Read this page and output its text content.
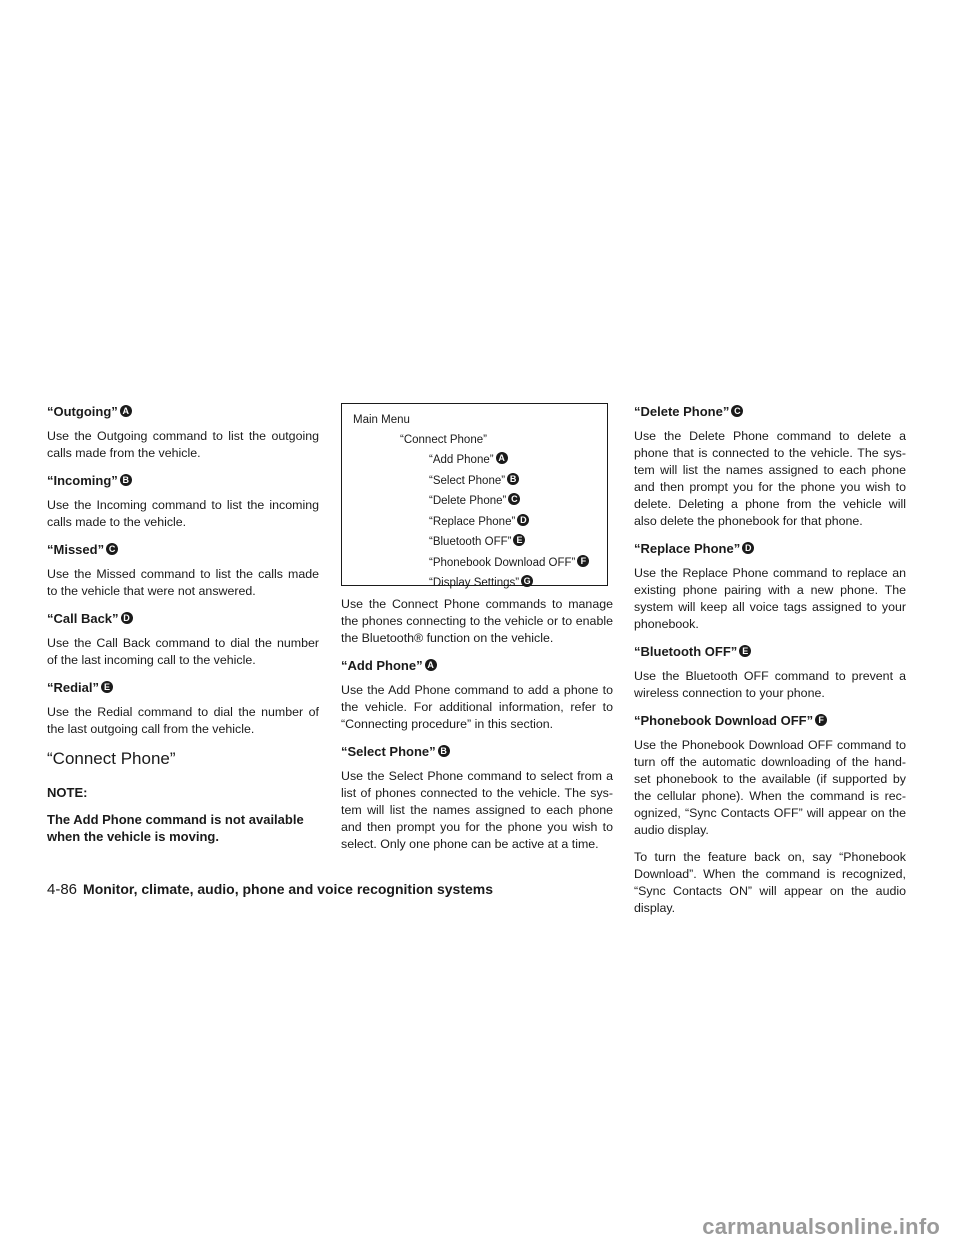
“Outgoing” A
Use the Outgoing command to list the outgoing calls made from the vehicle.
“Incoming” B
Use the Incoming command to list the incoming calls made to the vehicle.
“Missed” C
Use the Missed command to list the calls made to the vehicle that were not answered.
“Call Back” D
Use the Call Back command to dial the number of the last incoming call to the vehicle.
“Redial” E
Use the Redial command to dial the number of the last outgoing call from the vehicle.
“Connect Phone”
NOTE:
The Add Phone command is not available when the vehicle is moving.
Main Menu
“Connect Phone”
“Add Phone” A
“Select Phone” B
“Delete Phone” C
“Replace Phone” D
“Bluetooth OFF” E
“Phonebook Download OFF” F
“Display Settings” G
Use the Connect Phone commands to manage the phones connecting to the vehicle or to enable the Bluetooth® function on the vehicle.
“Add Phone” A
Use the Add Phone command to add a phone to the vehicle. For additional information, refer to “Connecting procedure” in this section.
“Select Phone” B
Use the Select Phone command to select from a list of phones connected to the vehicle. The sys- tem will list the names assigned to each phone and then prompt you for the phone you wish to select. Only one phone can be active at a time.
“Delete Phone” C
Use the Delete Phone command to delete a phone that is connected to the vehicle. The sys- tem will list the names assigned to each phone and then prompt you for the phone you wish to delete. Deleting a phone from the vehicle will also delete the phonebook for that phone.
“Replace Phone” D
Use the Replace Phone command to replace an existing phone pairing with a new phone. The system will keep all voice tags assigned to your phonebook.
“Bluetooth OFF” E
Use the Bluetooth OFF command to prevent a wireless connection to your phone.
“Phonebook Download OFF” F
Use the Phonebook Download OFF command to turn off the automatic downloading of the hand- set phonebook to the available (if supported by the cellular phone). When the command is rec- ognized, “Sync Contacts OFF” will appear on the audio display.
To turn the feature back on, say “Phonebook Download”. When the command is recognized, “Sync Contacts ON” will appear on the audio display.
4-86 Monitor, climate, audio, phone and voice recognition systems
carmanualsonline.info
